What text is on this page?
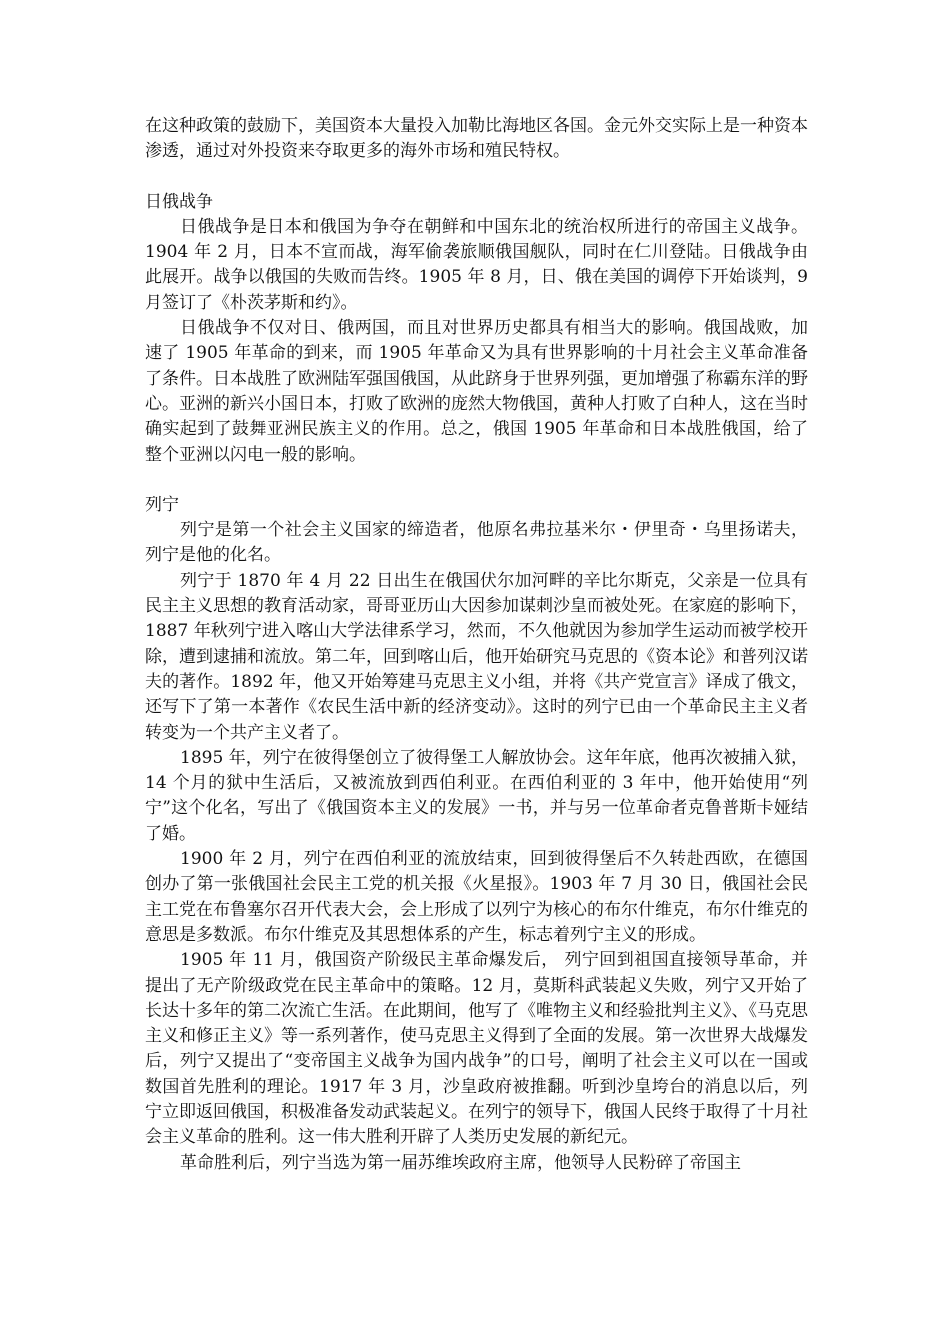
在这种政策的鼓励下，美国资本大量投入加勒比海地区各国。金元外交实际上是一种资本渗透，通过对外投资来夺取更多的海外市场和殖民特权。

日俄战争

日俄战争是日本和俄国为争夺在朝鲜和中国东北的统治权所进行的帝国主义战争。1904 年 2 月，日本不宣而战，海军偷袭旅顺俄国舰队，同时在仁川登陆。日俄战争由此展开。战争以俄国的失败而告终。1905 年 8 月，日、俄在美国的调停下开始谈判，9 月签订了《朴茨茅斯和约》。

日俄战争不仅对日、俄两国，而且对世界历史都具有相当大的影响。俄国战败，加速了 1905 年革命的到来，而 1905 年革命又为具有世界影响的十月社会主义革命准备了条件。日本战胜了欧洲陆军强国俄国，从此跻身于世界列强，更加增强了称霸东洋的野心。亚洲的新兴小国日本，打败了欧洲的庞然大物俄国，黄种人打败了白种人，这在当时确实起到了鼓舞亚洲民族主义的作用。总之，俄国 1905 年革命和日本战胜俄国，给了整个亚洲以闪电一般的影响。

列宁

列宁是第一个社会主义国家的缔造者，他原名弗拉基米尔・伊里奇・乌里扬诺夫，列宁是他的化名。

列宁于 1870 年 4 月 22 日出生在俄国伏尔加河畔的辛比尔斯克，父亲是一位具有民主主义思想的教育活动家，哥哥亚历山大因参加谋刺沙皇而被处死。在家庭的影响下，1887 年秋列宁进入喀山大学法律系学习，然而，不久他就因为参加学生运动而被学校开除，遭到逮捕和流放。第二年，回到喀山后，他开始研究马克思的《资本论》和普列汉诺夫的著作。1892 年，他又开始筹建马克思主义小组，并将《共产党宣言》译成了俄文，还写下了第一本著作《农民生活中新的经济变动》。这时的列宁已由一个革命民主主义者转变为一个共产主义者了。

1895 年，列宁在彼得堡创立了彼得堡工人解放协会。这年年底，他再次被捕入狱，14 个月的狱中生活后，又被流放到西伯利亚。在西伯利亚的 3 年中，他开始使用“列宁”这个化名，写出了《俄国资本主义的发展》一书，并与另一位革命者克鲁普斯卡娅结了婚。

1900 年 2 月，列宁在西伯利亚的流放结束，回到彼得堡后不久转赴西欧，在德国创办了第一张俄国社会民主工党的机关报《火星报》。1903 年 7 月 30 日，俄国社会民主工党在布鲁塞尔召开代表大会，会上形成了以列宁为核心的布尔什维克，布尔什维克的意思是多数派。布尔什维克及其思想体系的产生，标志着列宁主义的形成。

1905 年 11 月，俄国资产阶级民主革命爆发后， 列宁回到祖国直接领导革命，并提出了无产阶级政党在民主革命中的策略。12 月，莫斯科武装起义失败，列宁又开始了长达十多年的第二次流亡生活。在此期间，他写了《唯物主义和经验批判主义》、《马克思主义和修正主义》等一系列著作，使马克思主义得到了全面的发展。第一次世界大战爆发后，列宁又提出了“变帝国主义战争为国内战争”的口号，阐明了社会主义可以在一国或数国首先胜利的理论。1917 年 3 月，沙皇政府被推翻。听到沙皇垮台的消息以后，列宁立即返回俄国，积极准备发动武装起义。在列宁的领导下，俄国人民终于取得了十月社会主义革命的胜利。这一伟大胜利开辟了人类历史发展的新纪元。

革命胜利后，列宁当选为第一届苏维埃政府主席，他领导人民粉碎了帝国主
